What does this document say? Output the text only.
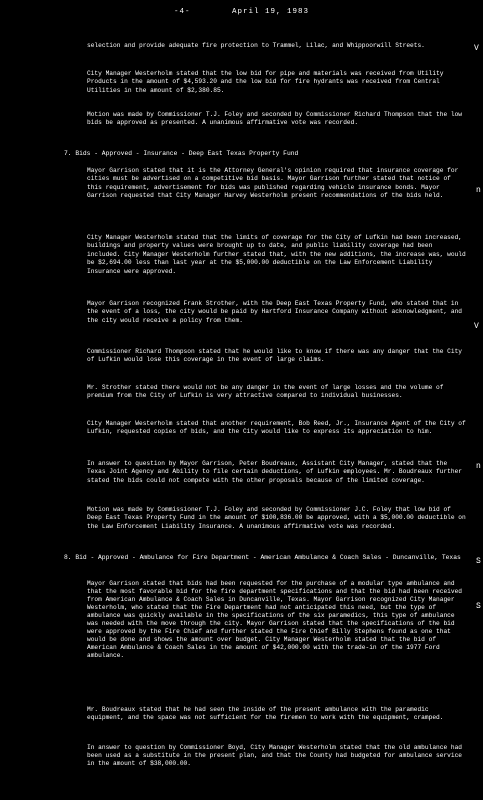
-4-	April 19, 1983
selection and provide adequate fire protection to Trammel, Lilac, and Whippoorwill Streets.
City Manager Westerholm stated that the low bid for pipe and materials was received from Utility Products in the amount of $4,593.20 and the low bid for fire hydrants was received from Central Utilities in the amount of $2,380.85.
Motion was made by Commissioner T.J. Foley and seconded by Commissioner Richard Thompson that the low bids be approved as presented. A unanimous affirmative vote was recorded.
7. Bids - Approved - Insurance - Deep East Texas Property Fund
Mayor Garrison stated that it is the Attorney General's opinion required that insurance coverage for cities must be advertised on a competitive bid basis. Mayor Garrison further stated that notice of this requirement, advertisement for bids was published regarding vehicle insurance bonds. Mayor Garrison requested that City Manager Harvey Westerholm present recommendations of the bids held.
City Manager Westerholm stated that the limits of coverage for the City of Lufkin had been increased, buildings and property values were brought up to date, and public liability coverage had been included. City Manager Westerholm further stated that, with the new additions, the increase was, would be $2,694.00 less than last year at the $5,000.00 deductible on the Law Enforcement Liability Insurance were approved.
Mayor Garrison recognized Frank Strother, with the Deep East Texas Property Fund, who stated that in the event of a loss, the city would be paid by Hartford Insurance Company without acknowledgment, and the city would receive a policy from them.
Commissioner Richard Thompson stated that he would like to know if there was any danger that the City of Lufkin would lose this coverage in the event of large claims.
Mr. Strother stated there would not be any danger in the event of large losses and the volume of premium from the City of Lufkin is very attractive compared to individual businesses.
City Manager Westerholm stated that another requirement, Bob Reed, Jr., Insurance Agent of the City of Lufkin, requested copies of bids, and the City would like to express its appreciation to him.
In answer to question by Mayor Garrison, Peter Boudreaux, Assistant City Manager, stated that the Texas Joint Agency and Ability to file certain deductions, of Lufkin employees. Mr. Boudreaux further stated the bids could not compete with the other proposals because of the limited coverage.
Motion was made by Commissioner T.J. Foley and seconded by Commissioner J.C. Foley that low bid of Deep East Texas Property Fund in the amount of $100,836.00 be approved, with a $5,000.00 deductible on the Law Enforcement Liability Insurance. A unanimous affirmative vote was recorded.
8. Bid - Approved - Ambulance for Fire Department - American Ambulance & Coach Sales - Duncanville, Texas
Mayor Garrison stated that bids had been requested for the purchase of a modular type ambulance and that the most favorable bid for the fire department specifications and that the bid had been received from American Ambulance & Coach Sales in Duncanville, Texas. Mayor Garrison recognized City Manager Westerholm, who stated that the Fire Department had not anticipated this need, but the type of ambulance was quickly available in the specifications of the six paramedics, this type of ambulance was needed with the move through the city. Mayor Garrison stated that the specifications of the bid were approved by the Fire Chief and further stated the Fire Chief Billy Stephens found as one that would be done and shows the amount over budget. City Manager Westerholm stated that the bid of American Ambulance & Coach Sales in the amount of $42,000.00 with the trade-in of the 1977 Ford ambulance.
Mr. Boudreaux stated that he had seen the inside of the present ambulance with the paramedic equipment, and the space was not sufficient for the firemen to work with the equipment, cramped.
In answer to question by Commissioner Boyd, City Manager Westerholm stated that the old ambulance had been used as a substitute in the present plan, and that the County had budgeted for ambulance service in the amount of $38,000.00.
V
n
V
n
S
S
